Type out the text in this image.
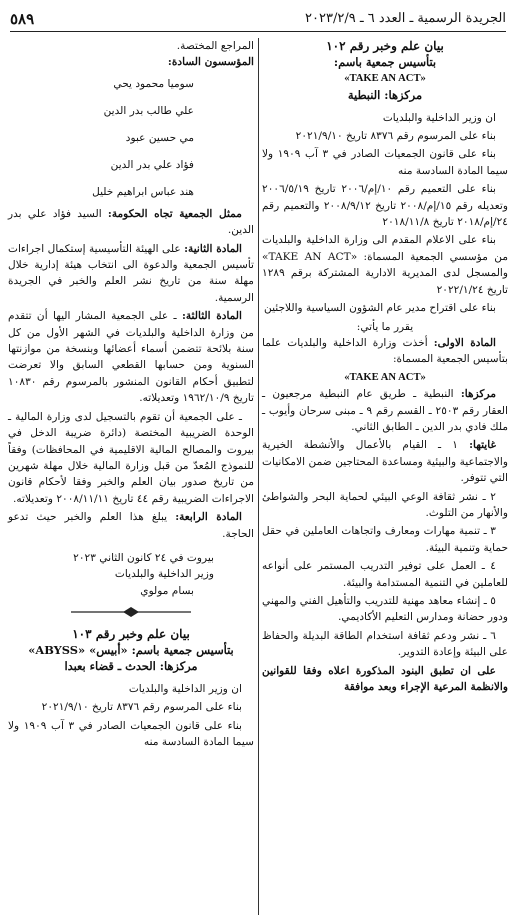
الجريدة الرسمية ـ العدد ٦ ـ ٢٠٢٣/٢/٩
٥٨٩
بيان علم وخبر رقم ١٠٢
بتأسيس جمعية باسم:
«TAKE AN ACT»
مركزها: النبطية

ان وزير الداخلية والبلديات

بناء على المرسوم رقم ٨٣٧٦ تاريخ ٢٠٢١/٩/١٠

بناء على قانون الجمعيات الصادر في ٣ آب ١٩٠٩ ولا سيما المادة السادسة منه

بناء على التعميم رقم ١٠/إم/٢٠٠٦ تاريخ ٢٠٠٦/٥/١٩ وتعديله رقم ١٥/إم/٢٠٠٨ تاريخ ٢٠٠٨/٩/١٢ والتعميم رقم ٢٤/إم/٢٠١٨ تاريخ ٢٠١٨/١١/٨

بناء على الاعلام المقدم الى وزارة الداخلية والبلديات من مؤسسي الجمعية المسماة: «TAKE AN ACT» والمسجل لدى المديرية الادارية المشتركة برقم ١٢٨٩ تاريخ ٢٠٢٢/١/٢٤

بناء على اقتراح مدير عام الشؤون السياسية واللاجئين

يقرر ما يأتي:

المادة الاولى: أخذت وزارة الداخلية والبلديات علما بتأسيس الجمعية المسماة:

«TAKE AN ACT»

مركزها: النبطية ـ طريق عام النبطية مرجعيون ـ العقار رقم ٢٥٠٣ ـ القسم رقم ٩ ـ مبنى سرحان وأيوب ـ ملك فادي بدر الدين ـ الطابق الثاني.

غايتها: ١ ـ القيام بالأعمال والأنشطة الخيرية والاجتماعية والبيئية ومساعدة المحتاجين ضمن الامكانيات التي تتوفر.

٢ ـ نشر ثقافة الوعي البيئي لحماية البحر والشواطئ والأنهار من التلوث.

٣ ـ تنمية مهارات ومعارف واتجاهات العاملين في حقل حماية وتنمية البيئة.

٤ ـ العمل على توفير التدريب المستمر على أنواعه للعاملين في التنمية المستدامة والبيئة.

٥ ـ إنشاء معاهد مهنية للتدريب والتأهيل الفني والمهني ودور حضانة ومدارس التعليم الأكاديمي.

٦ ـ نشر ودعم ثقافة استخدام الطاقة البديلة والحفاظ على البيئة وإعادة التدوير.

على ان تطبق البنود المذكورة اعلاه وفقا للقوانين والانظمة المرعية الإجراء وبعد موافقة

المراجع المختصة.
المؤسسون السادة:
سوميا محمود يحي
علي طالب بدر الدين
مي حسين عبود
فؤاد علي بدر الدين
هند عباس ابراهيم خليل

ممثل الجمعية تجاه الحكومة: السيد فؤاد علي بدر الدين.

المادة الثانية: على الهيئة التأسيسية إستكمال اجراءات تأسيس الجمعية والدعوة الى انتخاب هيئة إدارية خلال مهلة سنة من تاريخ نشر العلم والخبر في الجريدة الرسمية.

المادة الثالثة: ـ على الجمعية المشار اليها أن تتقدم من وزارة الداخلية والبلديات في الشهر الأول من كل سنة بلائحة تتضمن أسماء أعضائها وبنسخة من موازنتها السنوية ومن حسابها القطعي السابق والا تعرضت لتطبيق أحكام القانون المنشور بالمرسوم رقم ١٠٨٣٠ تاريخ ١٩٦٢/١٠/٩ وتعديلاته.

ـ على الجمعية أن تقوم بالتسجيل لدى وزارة المالية ـ الوحدة الضريبية المختصة (دائرة ضريبة الدخل في بيروت والمصالح المالية الاقليمية في المحافظات) وفقاً للنموذج المُعدّ من قبل وزارة المالية خلال مهلة شهرين من تاريخ صدور بيان العلم والخبر وفقا لأحكام قانون الاجراءات الضريبية رقم ٤٤ تاريخ ٢٠٠٨/١١/١١ وتعديلاته.

المادة الرابعة: يبلغ هذا العلم والخبر حيث تدعو الحاجة.

بيروت في ٢٤ كانون الثاني ٢٠٢٣
وزير الداخلية والبلديات
بسام مولوي
بيان علم وخبر رقم ١٠٣
بتأسيس جمعية باسم: «أبيس» «ABYSS»
مركزها: الحدث ـ قضاء بعبدا

ان وزير الداخلية والبلديات

بناء على المرسوم رقم ٨٣٧٦ تاريخ ٢٠٢١/٩/١٠

بناء على قانون الجمعيات الصادر في ٣ آب ١٩٠٩ ولا سيما المادة السادسة منه
